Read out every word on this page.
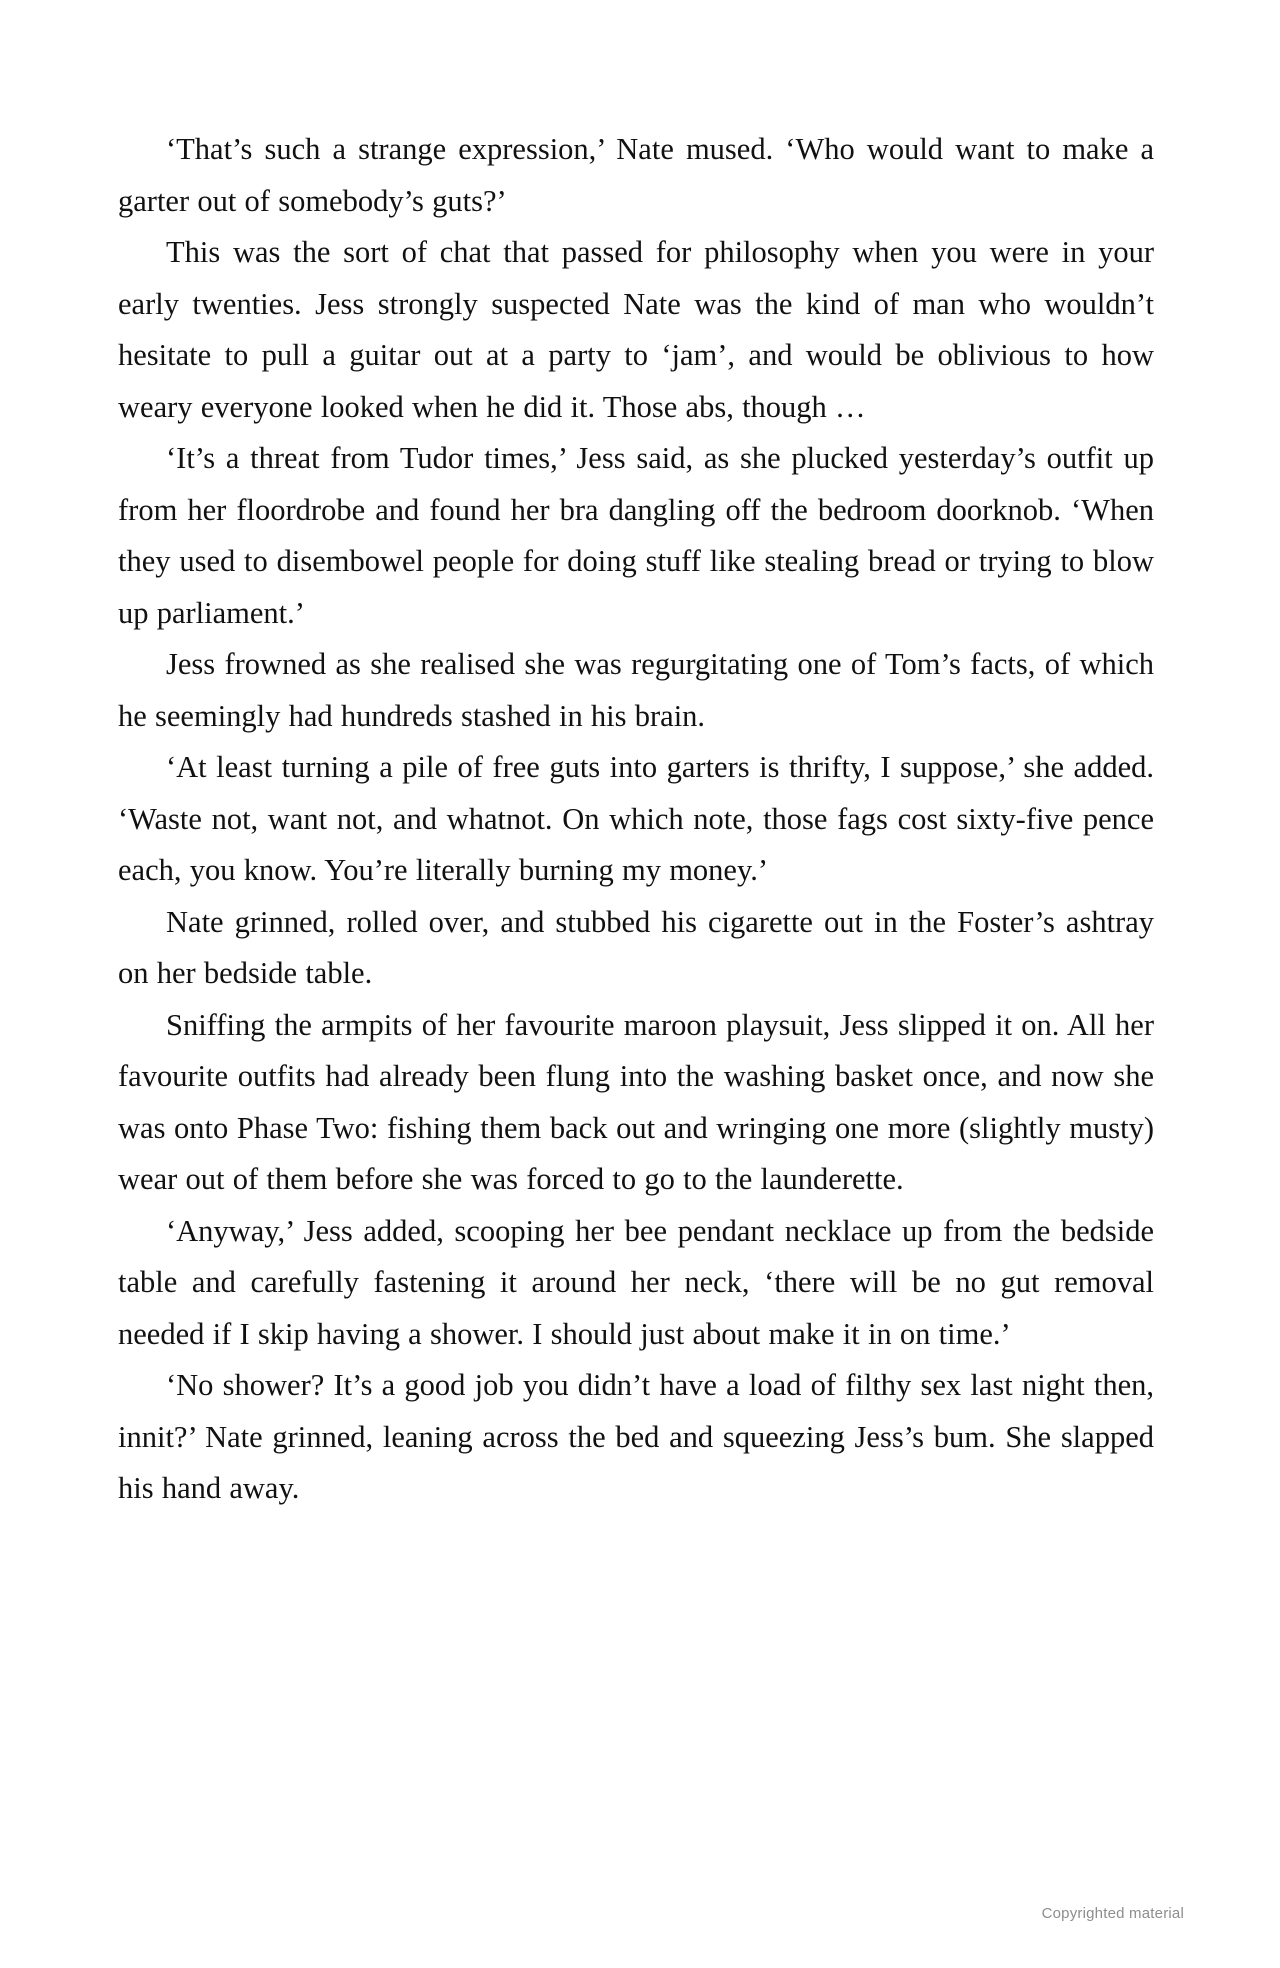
‘That’s such a strange expression,’ Nate mused. ‘Who would want to make a garter out of somebody’s guts?’

This was the sort of chat that passed for philosophy when you were in your early twenties. Jess strongly suspected Nate was the kind of man who wouldn’t hesitate to pull a guitar out at a party to ‘jam’, and would be oblivious to how weary everyone looked when he did it. Those abs, though …

‘It’s a threat from Tudor times,’ Jess said, as she plucked yesterday’s outfit up from her floordrobe and found her bra dangling off the bedroom doorknob. ‘When they used to disembowel people for doing stuff like stealing bread or trying to blow up parliament.’

Jess frowned as she realised she was regurgitating one of Tom’s facts, of which he seemingly had hundreds stashed in his brain.

‘At least turning a pile of free guts into garters is thrifty, I suppose,’ she added. ‘Waste not, want not, and whatnot. On which note, those fags cost sixty-five pence each, you know. You’re literally burning my money.’

Nate grinned, rolled over, and stubbed his cigarette out in the Foster’s ashtray on her bedside table.

Sniffing the armpits of her favourite maroon playsuit, Jess slipped it on. All her favourite outfits had already been flung into the washing basket once, and now she was onto Phase Two: fishing them back out and wringing one more (slightly musty) wear out of them before she was forced to go to the launderette.

‘Anyway,’ Jess added, scooping her bee pendant necklace up from the bedside table and carefully fastening it around her neck, ‘there will be no gut removal needed if I skip having a shower. I should just about make it in on time.’

‘No shower? It’s a good job you didn’t have a load of filthy sex last night then, innit?’ Nate grinned, leaning across the bed and squeezing Jess’s bum. She slapped his hand away.

Copyrighted material
